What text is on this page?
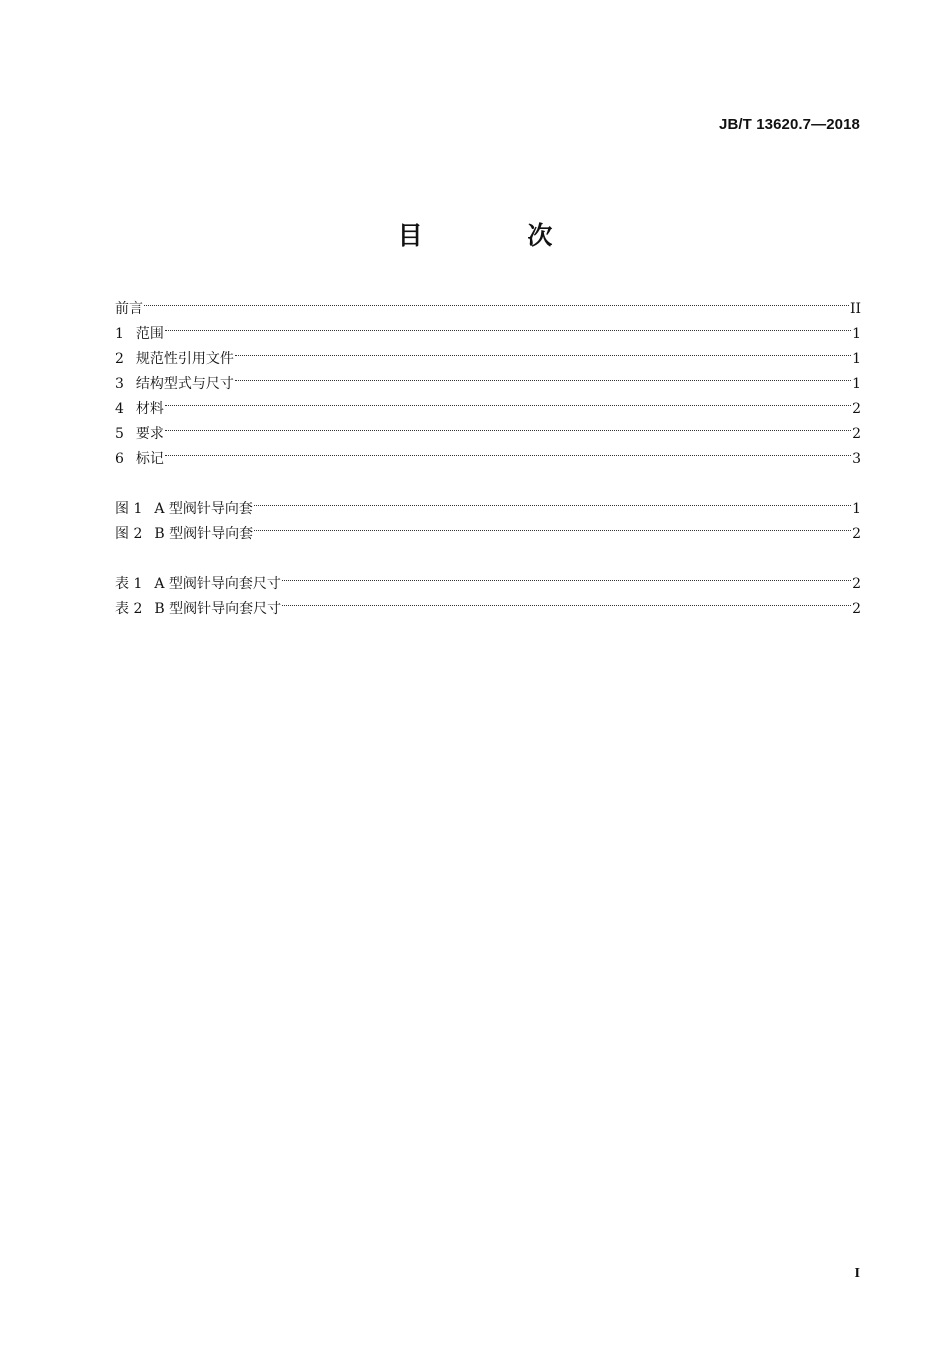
JB/T 13620.7—2018
目 次
前言	II
1 范围	1
2 规范性引用文件	1
3 结构型式与尺寸	1
4 材料	2
5 要求	2
6 标记	3
图 1 A 型阀针导向套	1
图 2 B 型阀针导向套	2
表 1 A 型阀针导向套尺寸	2
表 2 B 型阀针导向套尺寸	2
I
